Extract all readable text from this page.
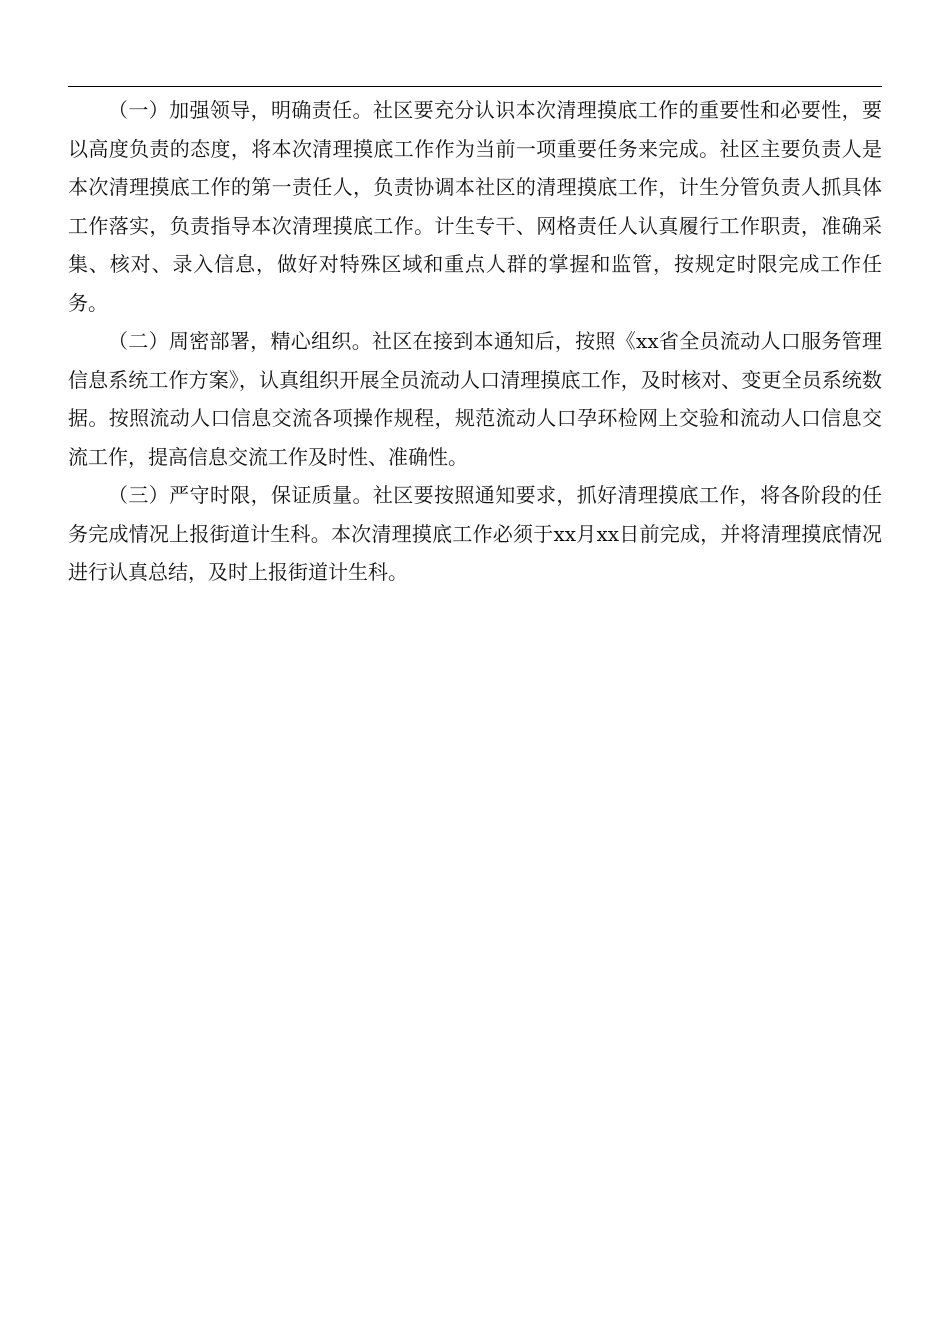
（一）加强领导，明确责任。社区要充分认识本次清理摸底工作的重要性和必要性，要以高度负责的态度，将本次清理摸底工作作为当前一项重要任务来完成。社区主要负责人是本次清理摸底工作的第一责任人，负责协调本社区的清理摸底工作，计生分管负责人抓具体工作落实，负责指导本次清理摸底工作。计生专干、网格责任人认真履行工作职责，准确采集、核对、录入信息，做好对特殊区域和重点人群的掌握和监管，按规定时限完成工作任务。

（二）周密部署，精心组织。社区在接到本通知后，按照《xx省全员流动人口服务管理信息系统工作方案》，认真组织开展全员流动人口清理摸底工作，及时核对、变更全员系统数据。按照流动人口信息交流各项操作规程，规范流动人口孕环检网上交验和流动人口信息交流工作，提高信息交流工作及时性、准确性。

（三）严守时限，保证质量。社区要按照通知要求，抓好清理摸底工作，将各阶段的任务完成情况上报街道计生科。本次清理摸底工作必须于xx月xx日前完成，并将清理摸底情况进行认真总结，及时上报街道计生科。
